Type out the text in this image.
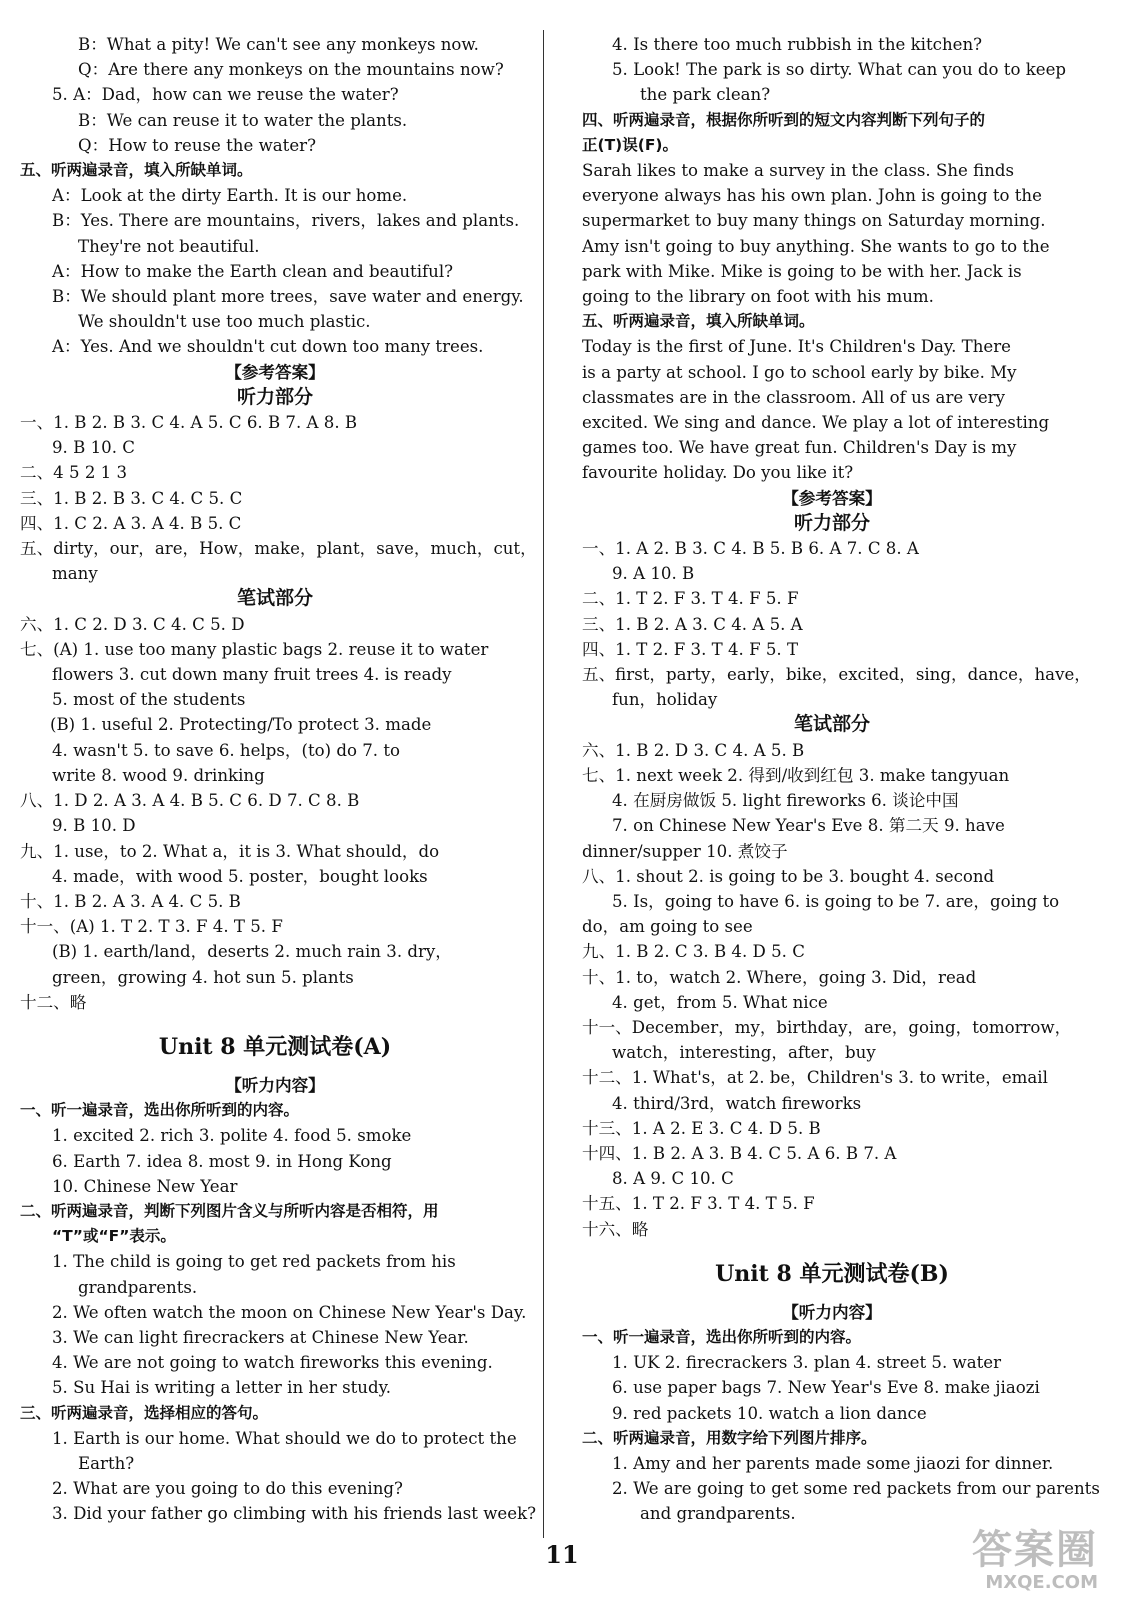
B：What a pity! We can't see any monkeys now.
Q：Are there any monkeys on the mountains now?
5. A：Dad，how can we reuse the water?
B：We can reuse it to water the plants.
Q：How to reuse the water?
五、听两遍录音，填入所缺单词。
A：Look at the dirty Earth. It is our home.
B：Yes. There are mountains，rivers，lakes and plants.
They're not beautiful.
A：How to make the Earth clean and beautiful?
B：We should plant more trees，save water and energy.
We shouldn't use too much plastic.
A：Yes. And we shouldn't cut down too many trees.
【参考答案】
听力部分
一、1. B 2. B 3. C 4. A 5. C 6. B 7. A 8. B
9. B 10. C
二、4 5 2 1 3
三、1. B 2. B 3. C 4. C 5. C
四、1. C 2. A 3. A 4. B 5. C
五、dirty，our，are，How，make，plant，save，much，cut，
many
笔试部分
六、1. C 2. D 3. C 4. C 5. D
七、(A) 1. use too many plastic bags 2. reuse it to water
flowers 3. cut down many fruit trees 4. is ready
5. most of the students
(B) 1. useful 2. Protecting/To protect 3. made
4. wasn't 5. to save 6. helps，(to) do 7. to
write 8. wood 9. drinking
八、1. D 2. A 3. A 4. B 5. C 6. D 7. C 8. B
9. B 10. D
九、1. use，to 2. What a，it is 3. What should，do
4. made，with wood 5. poster，bought looks
十、1. B 2. A 3. A 4. C 5. B
十一、(A) 1. T 2. T 3. F 4. T 5. F
(B) 1. earth/land，deserts 2. much rain 3. dry，
green，growing 4. hot sun 5. plants
十二、略
Unit 8 单元测试卷(A)
【听力内容】
一、听一遍录音，选出你所听到的内容。
1. excited 2. rich 3. polite 4. food 5. smoke
6. Earth 7. idea 8. most 9. in Hong Kong
10. Chinese New Year
二、听两遍录音，判断下列图片含义与所听内容是否相符，用
“T”或“F”表示。
1. The child is going to get red packets from his
grandparents.
2. We often watch the moon on Chinese New Year's Day.
3. We can light firecrackers at Chinese New Year.
4. We are not going to watch fireworks this evening.
5. Su Hai is writing a letter in her study.
三、听两遍录音，选择相应的答句。
1. Earth is our home. What should we do to protect the
Earth?
2. What are you going to do this evening?
3. Did your father go climbing with his friends last week?
4. Is there too much rubbish in the kitchen?
5. Look! The park is so dirty. What can you do to keep
the park clean?
四、听两遍录音，根据你所听到的短文内容判断下列句子的
正(T)误(F)。
Sarah likes to make a survey in the class. She finds
everyone always has his own plan. John is going to the
supermarket to buy many things on Saturday morning.
Amy isn't going to buy anything. She wants to go to the
park with Mike. Mike is going to be with her. Jack is
going to the library on foot with his mum.
五、听两遍录音，填入所缺单词。
Today is the first of June. It's Children's Day. There
is a party at school. I go to school early by bike. My
classmates are in the classroom. All of us are very
excited. We sing and dance. We play a lot of interesting
games too. We have great fun. Children's Day is my
favourite holiday. Do you like it?
【参考答案】
听力部分
一、1. A 2. B 3. C 4. B 5. B 6. A 7. C 8. A
9. A 10. B
二、1. T 2. F 3. T 4. F 5. F
三、1. B 2. A 3. C 4. A 5. A
四、1. T 2. F 3. T 4. F 5. T
五、first，party，early，bike，excited，sing，dance，have，
fun，holiday
笔试部分
六、1. B 2. D 3. C 4. A 5. B
七、1. next week 2. 得到/收到红包 3. make tangyuan
4. 在厨房做饭 5. light fireworks 6. 谈论中国
7. on Chinese New Year's Eve 8. 第二天 9. have
dinner/supper 10. 煮饺子
八、1. shout 2. is going to be 3. bought 4. second
5. Is，going to have 6. is going to be 7. are，going to
do，am going to see
九、1. B 2. C 3. B 4. D 5. C
十、1. to，watch 2. Where，going 3. Did，read
4. get，from 5. What nice
十一、December，my，birthday，are，going，tomorrow，
watch，interesting，after，buy
十二、1. What's，at 2. be，Children's 3. to write，email
4. third/3rd，watch fireworks
十三、1. A 2. E 3. C 4. D 5. B
十四、1. B 2. A 3. B 4. C 5. A 6. B 7. A
8. A 9. C 10. C
十五、1. T 2. F 3. T 4. T 5. F
十六、略
Unit 8 单元测试卷(B)
【听力内容】
一、听一遍录音，选出你所听到的内容。
1. UK 2. firecrackers 3. plan 4. street 5. water
6. use paper bags 7. New Year's Eve 8. make jiaozi
9. red packets 10. watch a lion dance
二、听两遍录音，用数字给下列图片排序。
1. Amy and her parents made some jiaozi for dinner.
2. We are going to get some red packets from our parents
and grandparents.
11	答案圈
MXQE.COM
